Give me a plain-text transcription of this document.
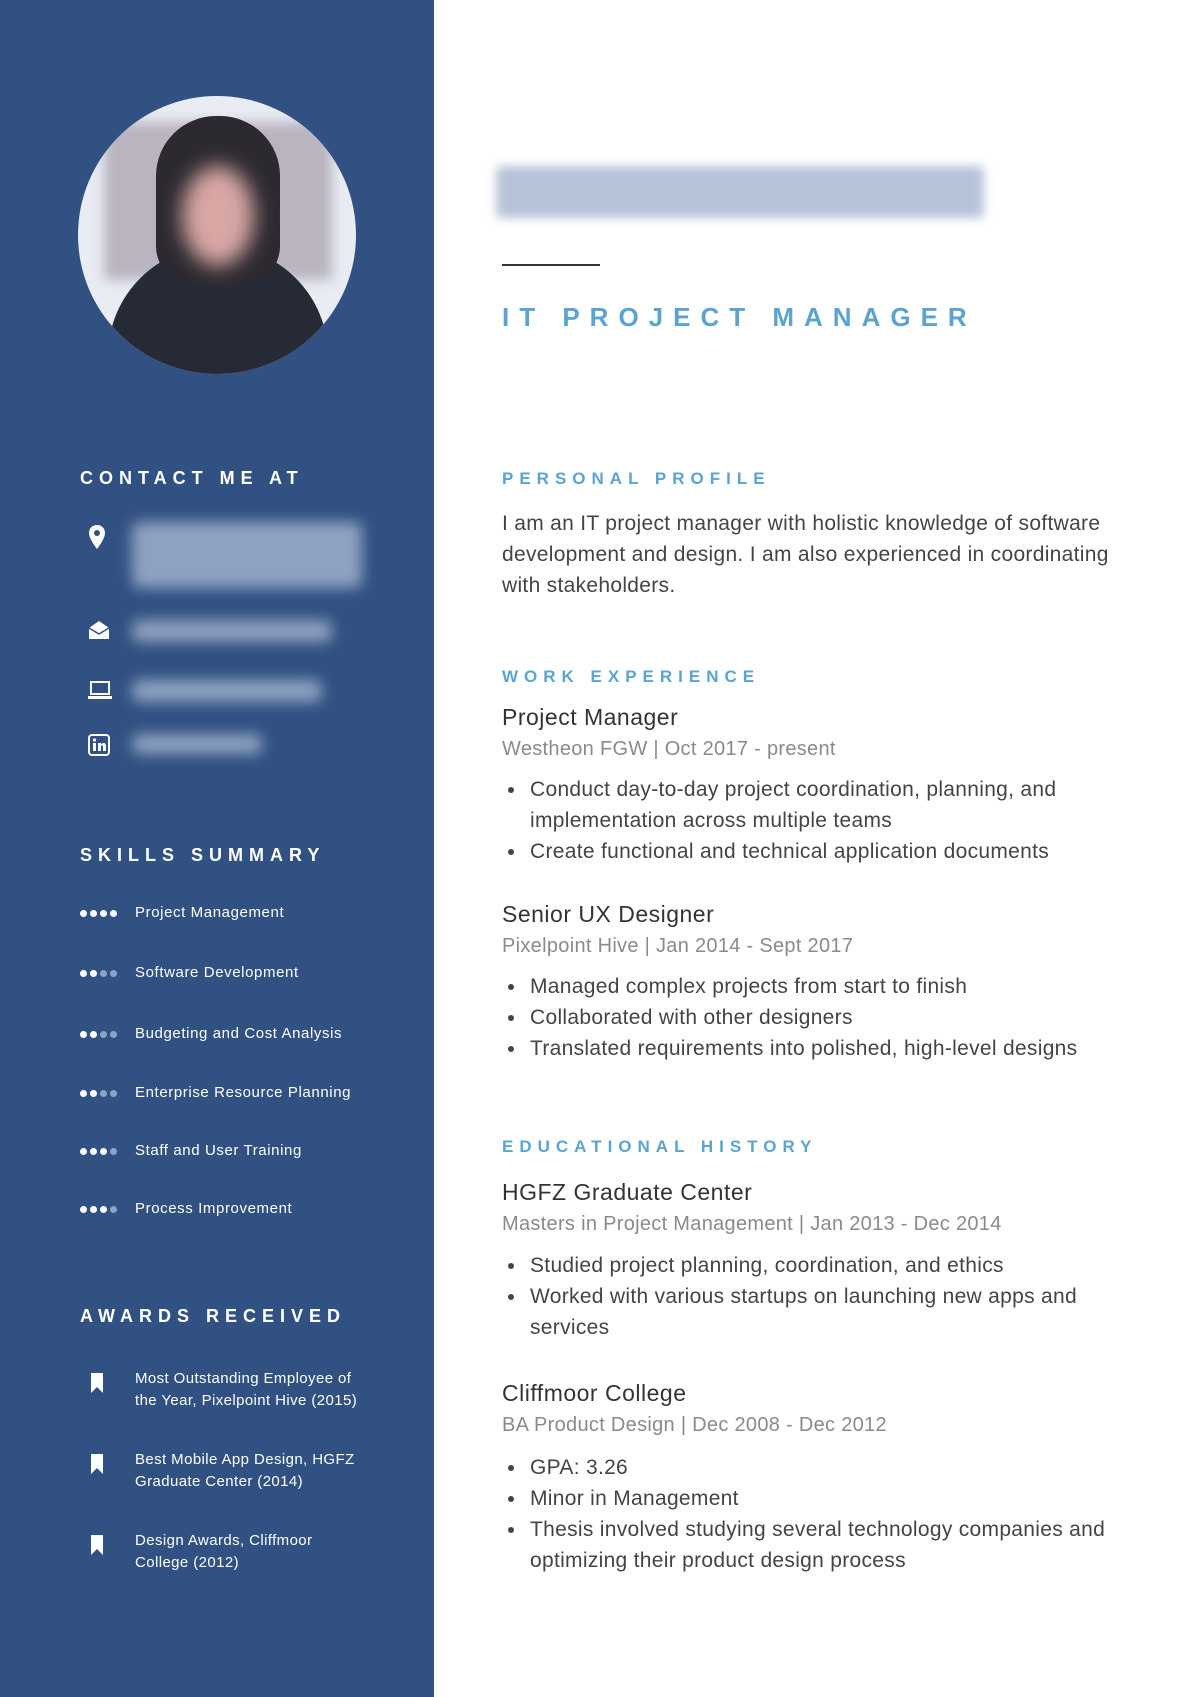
CONTACT ME AT
SKILLS SUMMARY
Project Management
Software Development
Budgeting and Cost Analysis
Enterprise Resource Planning
Staff and User Training
Process Improvement
AWARDS RECEIVED
Most Outstanding Employee of
the Year, Pixelpoint Hive (2015)
Best Mobile App Design, HGFZ
Graduate Center (2014)
Design Awards, Cliffmoor
College (2012)
IT PROJECT MANAGER
PERSONAL PROFILE
I am an IT project manager with holistic knowledge of software development and design. I am also experienced in coordinating with stakeholders.
WORK EXPERIENCE
Project Manager
Westheon FGW | Oct 2017 - present
Conduct day-to-day project coordination, planning, and implementation across multiple teams
Create functional and technical application documents
Senior UX Designer
Pixelpoint Hive | Jan 2014 - Sept 2017
Managed complex projects from start to finish
Collaborated with other designers
Translated requirements into polished, high-level designs
EDUCATIONAL HISTORY
HGFZ Graduate Center
Masters in Project Management | Jan 2013 - Dec 2014
Studied project planning, coordination, and ethics
Worked with various startups on launching new apps and services
Cliffmoor College
BA Product Design | Dec 2008 - Dec 2012
GPA: 3.26
Minor in Management
Thesis involved studying several technology companies and optimizing their product design process
